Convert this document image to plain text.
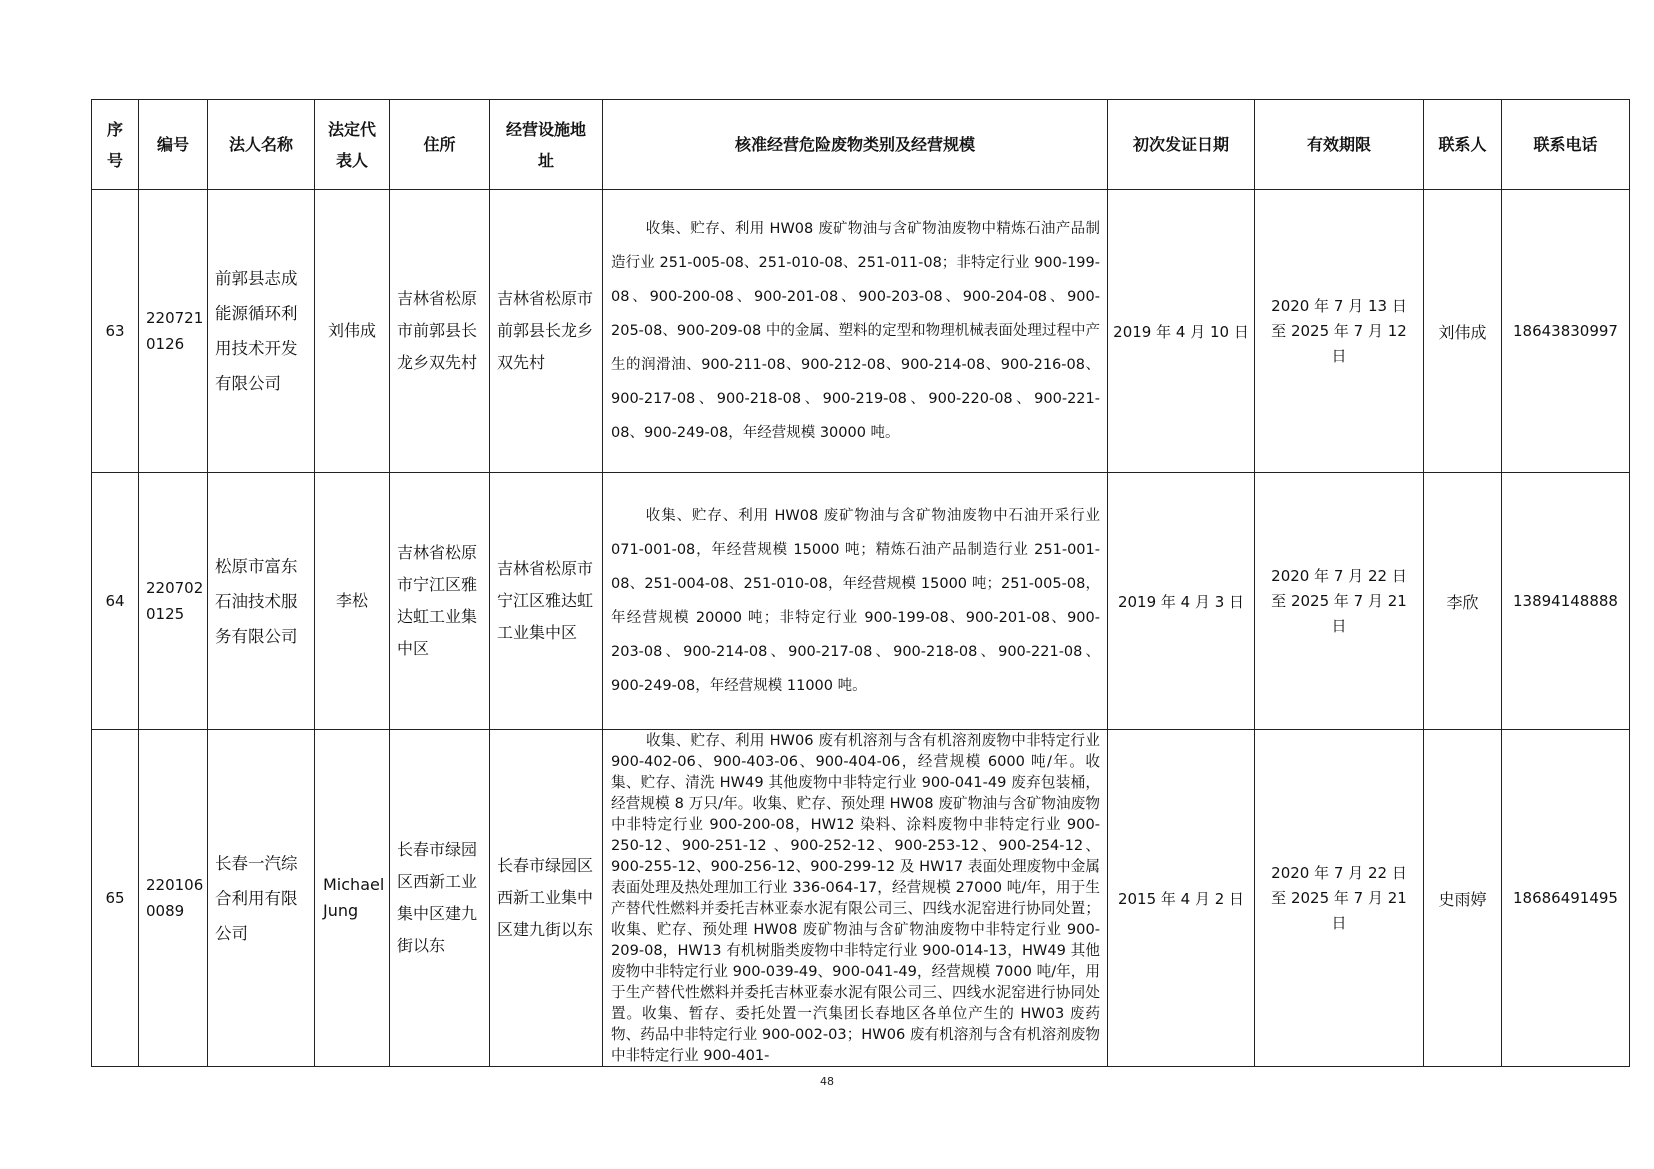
序号	编号	法人名称	法定代表人	住所	经营设施地址	核准经营危险废物类别及经营规模	初次发证日期	有效期限	联系人	联系电话
63	2207210126	前郭县志成能源循环利用技术开发有限公司	刘伟成	吉林省松原市前郭县长龙乡双先村	吉林省松原市前郭县长龙乡双先村	收集、贮存、利用 HW08 废矿物油与含矿物油废物中精炼石油产品制造行业 251-005-08、251-010-08、251-011-08；非特定行业 900-199-08、900-200-08、900-201-08、900-203-08、900-204-08、900-205-08、900-209-08 中的金属、塑料的定型和物理机械表面处理过程中产生的润滑油、900-211-08、900-212-08、900-214-08、900-216-08、900-217-08、900-218-08、900-219-08、900-220-08、900-221-08、900-249-08，年经营规模 30000 吨。	2019 年 4 月 10 日	2020 年 7 月 13 日至 2025 年 7 月 12 日	刘伟成	18643830997
64	2207020125	松原市富东石油技术服务有限公司	李松	吉林省松原市宁江区雅达虹工业集中区	吉林省松原市宁江区雅达虹工业集中区	收集、贮存、利用 HW08 废矿物油与含矿物油废物中石油开采行业 071-001-08，年经营规模 15000 吨；精炼石油产品制造行业 251-001-08、251-004-08、251-010-08，年经营规模 15000 吨；251-005-08，年经营规模 20000 吨；非特定行业 900-199-08、900-201-08、900-203-08、900-214-08、900-217-08、900-218-08、900-221-08、900-249-08，年经营规模 11000 吨。	2019 年 4 月 3 日	2020 年 7 月 22 日至 2025 年 7 月 21 日	李欣	13894148888
65	2201060089	长春一汽综合利用有限公司	Michael Jung	长春市绿园区西新工业集中区建九街以东	长春市绿园区西新工业集中区建九街以东	收集、贮存、利用 HW06 废有机溶剂与含有机溶剂废物中非特定行业 900-402-06、900-403-06、900-404-06，经营规模 6000 吨/年。收集、贮存、清洗 HW49 其他废物中非特定行业 900-041-49 废弃包装桶，经营规模 8 万只/年。收集、贮存、预处理 HW08 废矿物油与含矿物油废物中非特定行业 900-200-08，HW12 染料、涂料废物中非特定行业 900-250-12、900-251-12 、900-252-12、900-253-12、900-254-12、900-255-12、900-256-12、900-299-12 及 HW17 表面处理废物中金属表面处理及热处理加工行业 336-064-17，经营规模 27000 吨/年，用于生产替代性燃料并委托吉林亚泰水泥有限公司三、四线水泥窑进行协同处置；收集、贮存、预处理 HW08 废矿物油与含矿物油废物中非特定行业 900-209-08，HW13 有机树脂类废物中非特定行业 900-014-13，HW49 其他废物中非特定行业 900-039-49、900-041-49，经营规模 7000 吨/年，用于生产替代性燃料并委托吉林亚泰水泥有限公司三、四线水泥窑进行协同处置。收集、暂存、委托处置一汽集团长春地区各单位产生的 HW03 废药物、药品中非特定行业 900-002-03；HW06 废有机溶剂与含有机溶剂废物中非特定行业 900-401-	2015 年 4 月 2 日	2020 年 7 月 22 日至 2025 年 7 月 21 日	史雨婷	18686491495
48
